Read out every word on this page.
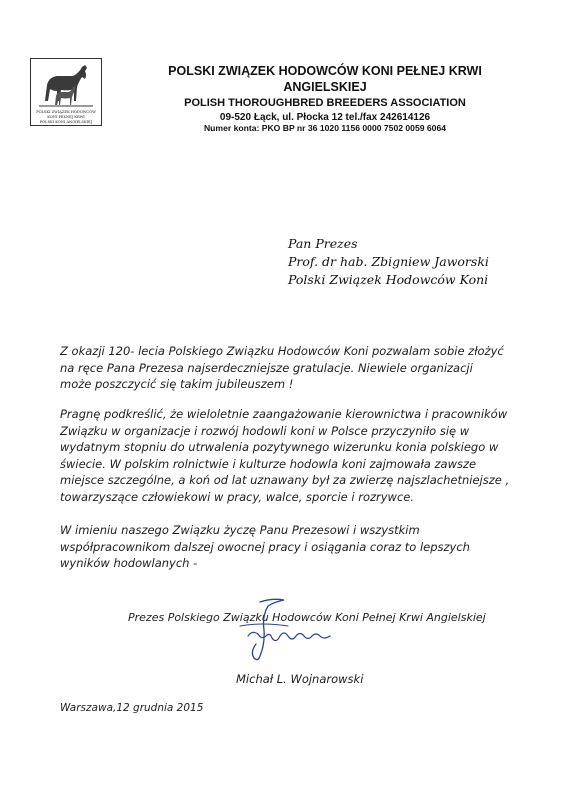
POLSKI ZWIĄZEK HODOWCÓW
KONI PEŁNEJ KRWI
POLSKI KONI ANGIELSKIEJ
POLSKI ZWIĄZEK HODOWCÓW KONI PEŁNEJ KRWI
ANGIELSKIEJ
POLISH THOROUGHBRED BREEDERS ASSOCIATION
09-520 Łąck, ul. Płocka 12 tel./fax 242614126
Numer konta: PKO BP nr 36 1020 1156 0000 7502 0059 6064
Pan Prezes
Prof. dr hab. Zbigniew Jaworski
Polski Związek Hodowców Koni
Z okazji 120- lecia Polskiego Związku Hodowców Koni pozwalam sobie złożyć
na ręce Pana Prezesa najserdeczniejsze gratulacje. Niewiele organizacji
może poszczycić się takim jubileuszem !
Pragnę podkreślić, że wieloletnie zaangażowanie kierownictwa i pracowników
Związku w organizacje i rozwój hodowli koni w Polsce przyczyniło się w
wydatnym stopniu do utrwalenia pozytywnego wizerunku konia polskiego w
świecie. W polskim rolnictwie i kulturze hodowla koni zajmowała zawsze
miejsce szczególne, a koń od lat uznawany był za zwierzę najszlachetniejsze ,
towarzyszące człowiekowi w pracy, walce, sporcie i rozrywce.
W imieniu naszego Związku życzę Panu Prezesowi i wszystkim
współpracownikom dalszej owocnej pracy i osiągania coraz to lepszych
wyników hodowlanych -
Prezes Polskiego Związku Hodowców Koni Pełnej Krwi Angielskiej
Michał L. Wojnarowski
Warszawa,12 grudnia 2015
